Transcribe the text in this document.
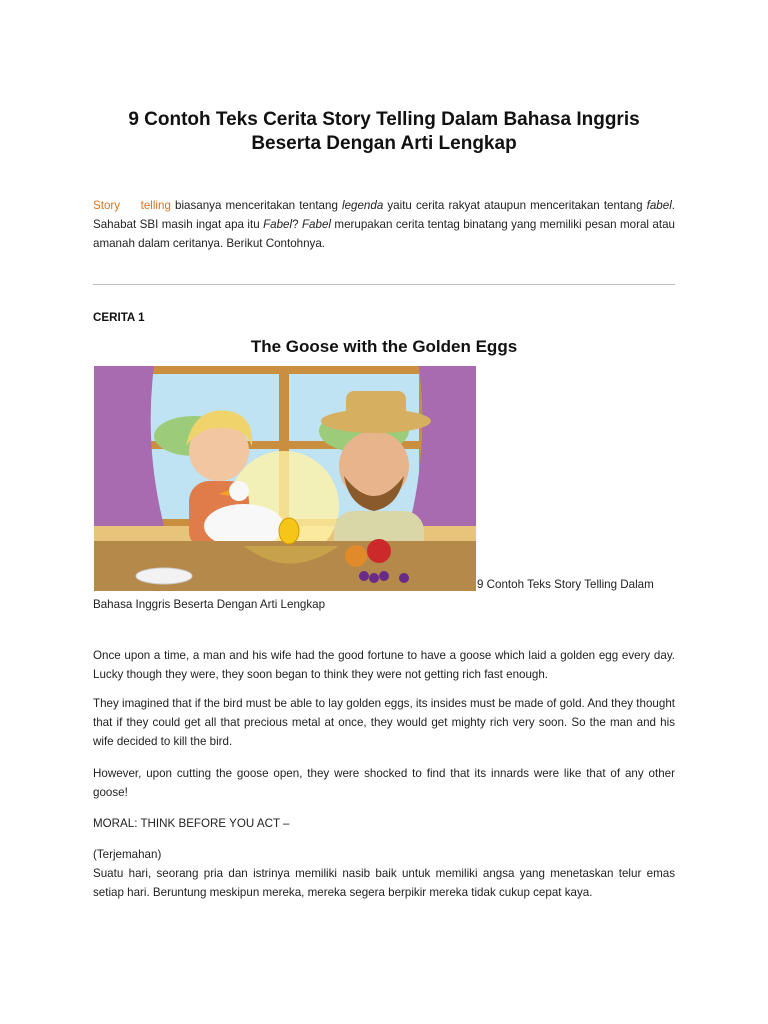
9 Contoh Teks Cerita Story Telling Dalam Bahasa Inggris
Beserta Dengan Arti Lengkap
Story telling biasanya menceritakan tentang legenda yaitu cerita rakyat ataupun menceritakan tentang fabel. Sahabat SBI masih ingat apa itu Fabel? Fabel merupakan cerita tentag binatang yang memiliki pesan moral atau amanah dalam ceritanya. Berikut Contohnya.
CERITA 1
The Goose with the Golden Eggs
9 Contoh Teks Story Telling Dalam
Bahasa Inggris Beserta Dengan Arti Lengkap
Once upon a time, a man and his wife had the good fortune to have a goose which laid a golden egg every day. Lucky though they were, they soon began to think they were not getting rich fast enough.
They imagined that if the bird must be able to lay golden eggs, its insides must be made of gold. And they thought that if they could get all that precious metal at once, they would get mighty rich very soon. So the man and his wife decided to kill the bird.
However, upon cutting the goose open, they were shocked to find that its innards were like that of any other goose!
MORAL: THINK BEFORE YOU ACT –
(Terjemahan)
Suatu hari, seorang pria dan istrinya memiliki nasib baik untuk memiliki angsa yang menetaskan telur emas setiap hari. Beruntung meskipun mereka, mereka segera berpikir mereka tidak cukup cepat kaya.
